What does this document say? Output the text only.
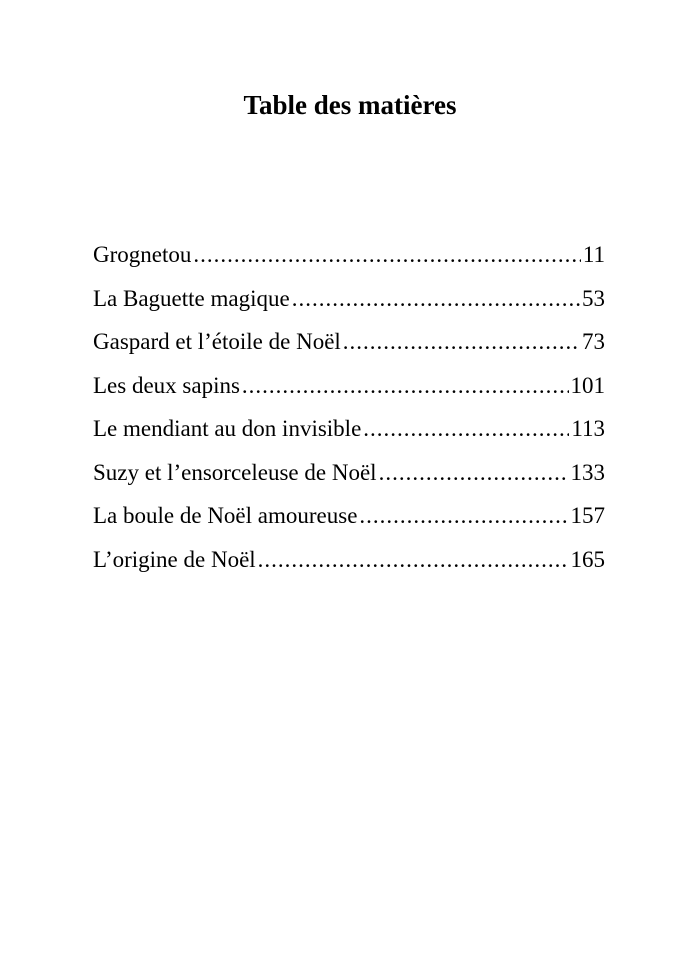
Table des matières
Grognetou .....	11
La Baguette magique .....	53
Gaspard et l’étoile de Noël .....	73
Les deux sapins .....	101
Le mendiant au don invisible .....	113
Suzy et l’ensorceleuse de Noël .....	133
La boule de Noël amoureuse .....	157
L’origine de Noël .....	165
